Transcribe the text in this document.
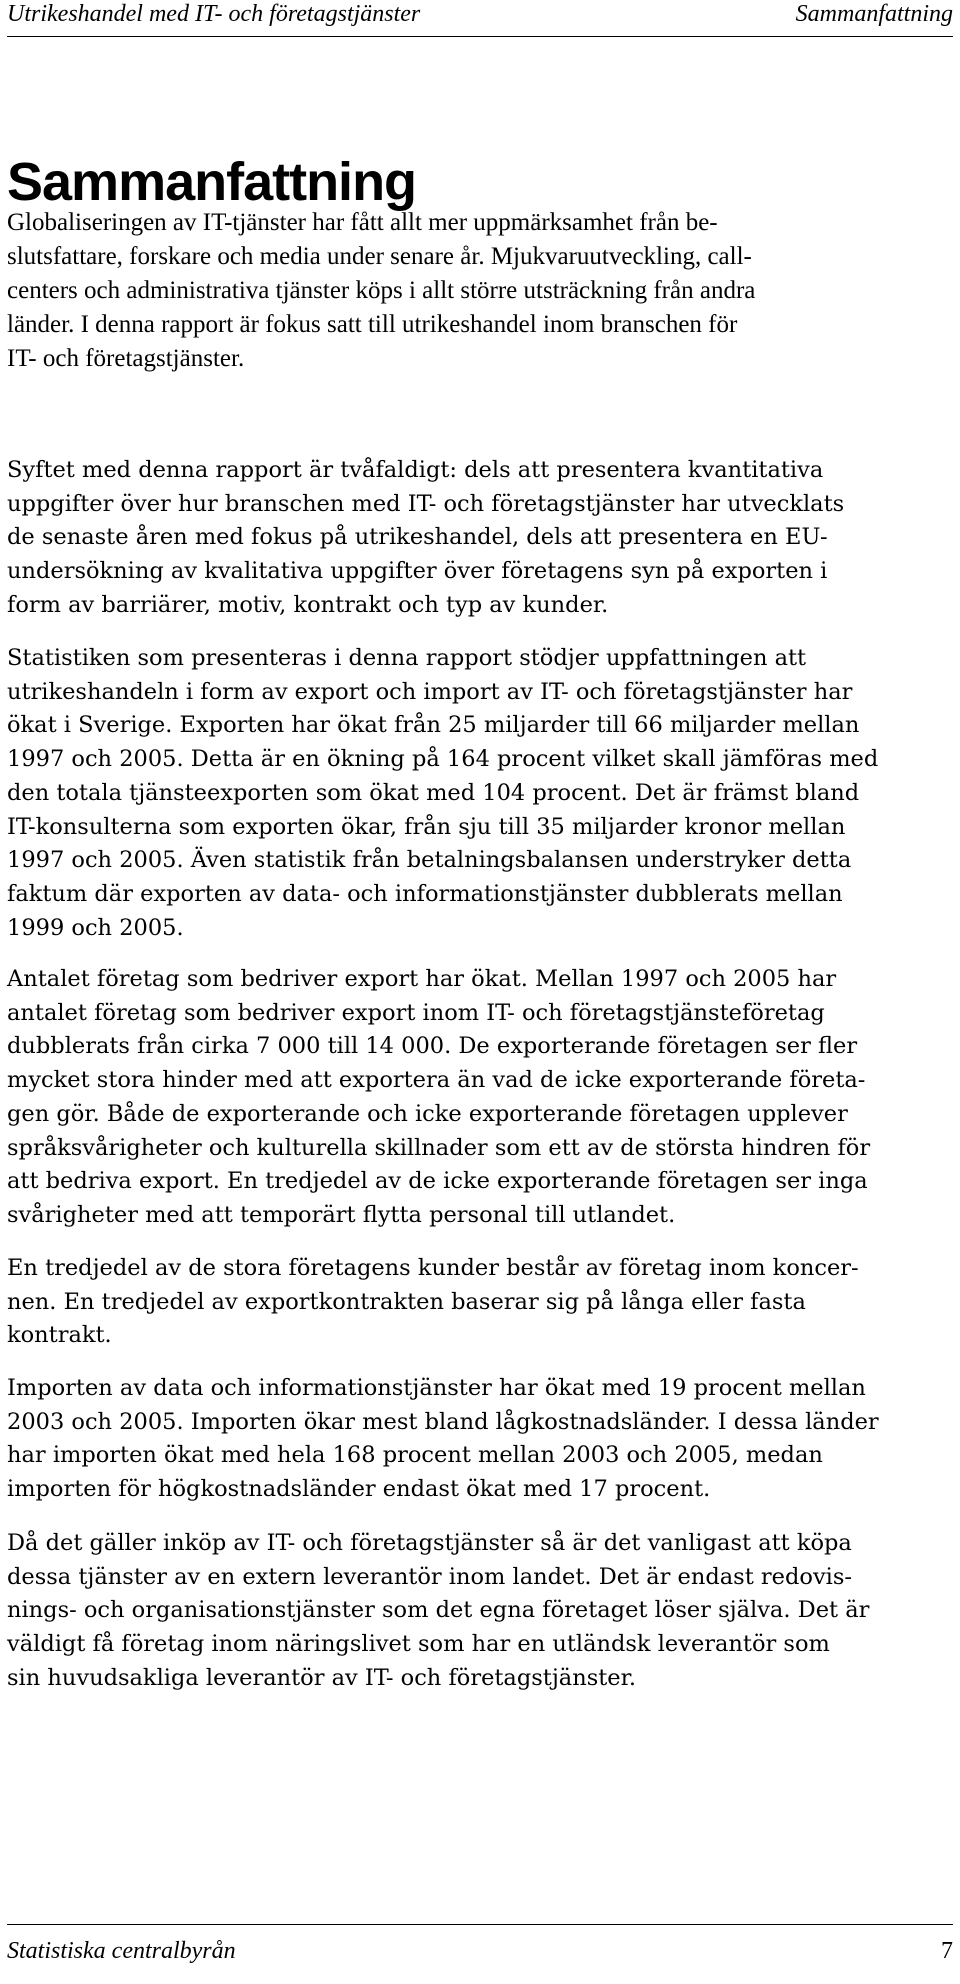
Utrikeshandel med IT- och företagstjänster	Sammanfattning
Sammanfattning

Globaliseringen av IT-tjänster har fått allt mer uppmärksamhet från be-
slutsfattare, forskare och media under senare år. Mjukvaruutveckling, call-
centers och administrativa tjänster köps i allt större utsträckning från andra
länder. I denna rapport är fokus satt till utrikeshandel inom branschen för
IT- och företagstjänster.

Syftet med denna rapport är tvåfaldigt: dels att presentera kvantitativa
uppgifter över hur branschen med IT- och företagstjänster har utvecklats
de senaste åren med fokus på utrikeshandel, dels att presentera en EU-
undersökning av kvalitativa uppgifter över företagens syn på exporten i
form av barriärer, motiv, kontrakt och typ av kunder.

Statistiken som presenteras i denna rapport stödjer uppfattningen att
utrikeshandeln i form av export och import av IT- och företagstjänster har
ökat i Sverige. Exporten har ökat från 25 miljarder till 66 miljarder mellan
1997 och 2005. Detta är en ökning på 164 procent vilket skall jämföras med
den totala tjänsteexporten som ökat med 104 procent. Det är främst bland
IT-konsulterna som exporten ökar, från sju till 35 miljarder kronor mellan
1997 och 2005. Även statistik från betalningsbalansen understryker detta
faktum där exporten av data- och informationstjänster dubblerats mellan
1999 och 2005.

Antalet företag som bedriver export har ökat. Mellan 1997 och 2005 har
antalet företag som bedriver export inom IT- och företagstjänsteföretag
dubblerats från cirka 7 000 till 14 000. De exporterande företagen ser fler
mycket stora hinder med att exportera än vad de icke exporterande företa-
gen gör. Både de exporterande och icke exporterande företagen upplever
språksvårigheter och kulturella skillnader som ett av de största hindren för
att bedriva export. En tredjedel av de icke exporterande företagen ser inga
svårigheter med att temporärt flytta personal till utlandet.

En tredjedel av de stora företagens kunder består av företag inom koncer-
nen. En tredjedel av exportkontrakten baserar sig på långa eller fasta
kontrakt.

Importen av data och informationstjänster har ökat med 19 procent mellan
2003 och 2005. Importen ökar mest bland lågkostnadsländer. I dessa länder
har importen ökat med hela 168 procent mellan 2003 och 2005, medan
importen för högkostnadsländer endast ökat med 17 procent.

Då det gäller inköp av IT- och företagstjänster så är det vanligast att köpa
dessa tjänster av en extern leverantör inom landet. Det är endast redovis-
nings- och organisationstjänster som det egna företaget löser själva. Det är
väldigt få företag inom näringslivet som har en utländsk leverantör som
sin huvudsakliga leverantör av IT- och företagstjänster.

Statistiska centralbyrån	7
